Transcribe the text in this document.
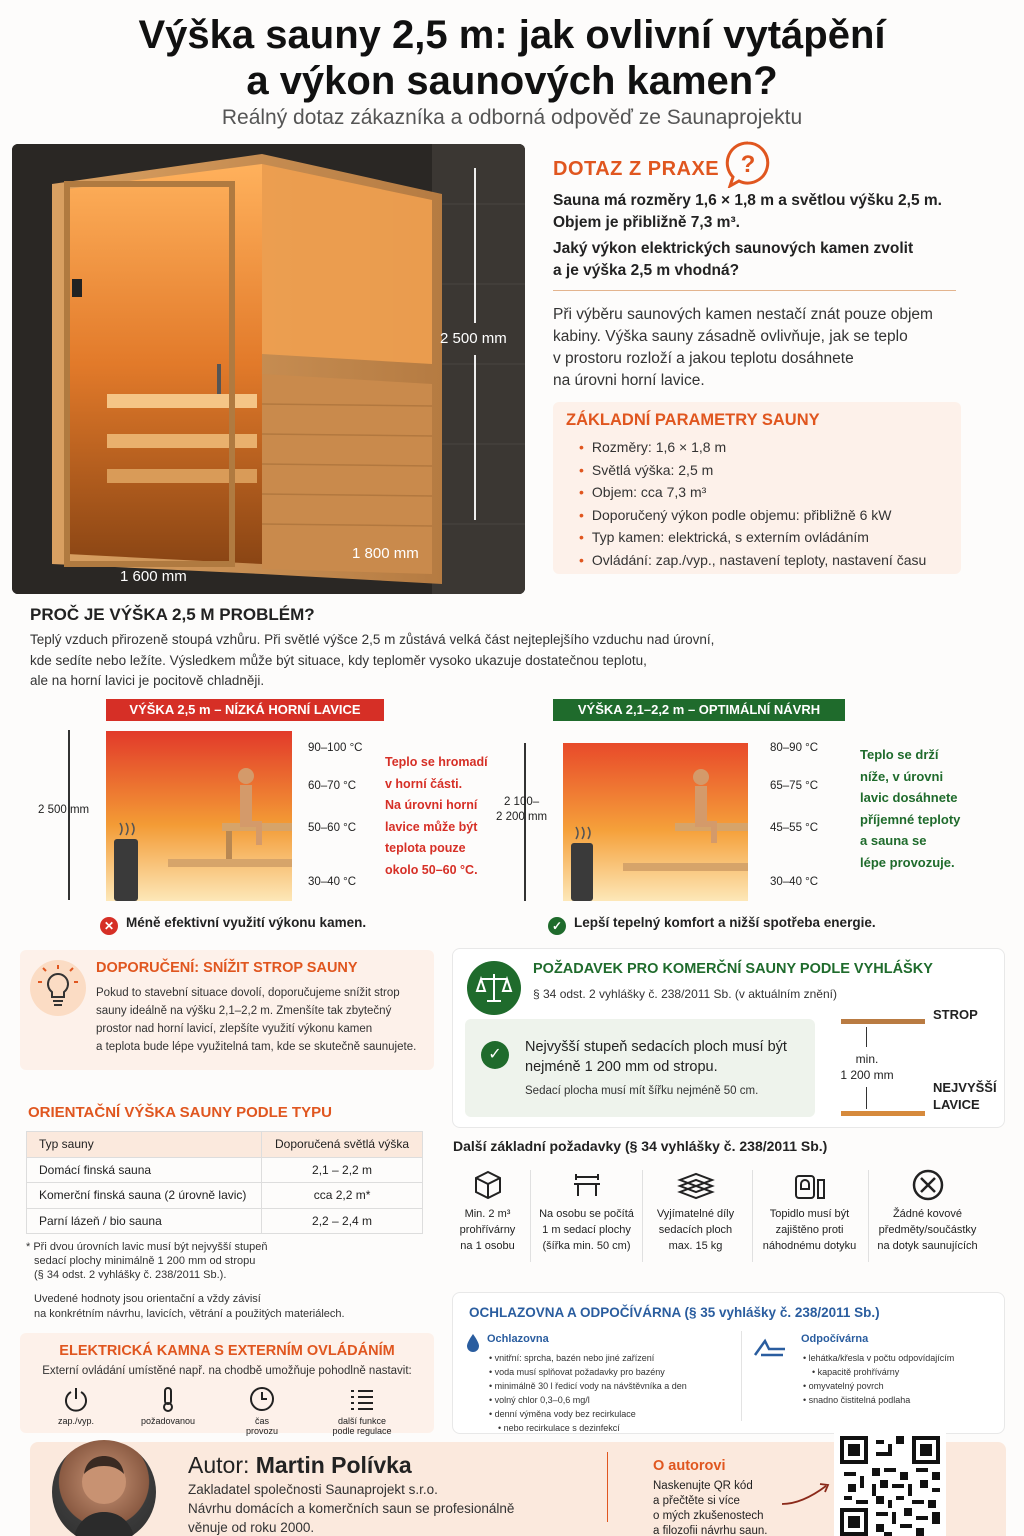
Výška sauny 2,5 m: jak ovlivní vytápění
a výkon saunových kamen?
Reálný dotaz zákazníka a odborná odpověď ze Saunaprojektu
2 500 mm
1 800 mm
1 600 mm
DOTAZ Z PRAXE ?
Sauna má rozměry 1,6 × 1,8 m a světlou výšku 2,5 m.
Objem je přibližně 7,3 m³.
Jaký výkon elektrických saunových kamen zvolit
a je výška 2,5 m vhodná?
Při výběru saunových kamen nestačí znát pouze objem
kabiny. Výška sauny zásadně ovlivňuje, jak se teplo
v prostoru rozloží a jakou teplotu dosáhnete
na úrovni horní lavice.
ZÁKLADNÍ PARAMETRY SAUNY
• Rozměry: 1,6 × 1,8 m
• Světlá výška: 2,5 m
• Objem: cca 7,3 m³
• Doporučený výkon podle objemu: přibližně 6 kW
• Typ kamen: elektrická, s externím ovládáním
• Ovládání: zap./vyp., nastavení teploty, nastavení času
PROČ JE VÝŠKA 2,5 M PROBLÉM?
Teplý vzduch přirozeně stoupá vzhůru. Při světlé výšce 2,5 m zůstává velká část nejteplejšího vzduchu nad úrovní,
kde sedíte nebo ležíte. Výsledkem může být situace, kdy teploměr vysoko ukazuje dostatečnou teplotu,
ale na horní lavici je pocitově chladněji.
VÝŠKA 2,5 m – NÍZKÁ HORNÍ LAVICE	VÝŠKA 2,1–2,2 m – OPTIMÁLNÍ NÁVRH
2 500 mm
90–100 °C
60–70 °C
50–60 °C
30–40 °C
Teplo se hromadí
v horní části.
Na úrovni horní
lavice může být
teplota pouze
okolo 50–60 °C.
✕ Méně efektivní využití výkonu kamen.
2 100–
2 200 mm
80–90 °C
65–75 °C
45–55 °C
30–40 °C
Teplo se drží
níže, v úrovni
lavic dosáhnete
příjemné teploty
a sauna se
lépe provozuje.
✓ Lepší tepelný komfort a nižší spotřeba energie.
DOPORUČENÍ: SNÍŽIT STROP SAUNY

Pokud to stavební situace dovolí, doporučujeme snížit strop
sauny ideálně na výšku 2,1–2,2 m. Zmenšíte tak zbytečný
prostor nad horní lavicí, zlepšíte využití výkonu kamen
a teplota bude lépe využitelná tam, kde se skutečně saunujete.

ORIENTAČNÍ VÝŠKA SAUNY PODLE TYPU
Typ sauny	Doporučená světlá výška
Domácí finská sauna	2,1 – 2,2 m
Komerční finská sauna (2 úrovně lavic)	cca 2,2 m*
Parní lázeň / bio sauna	2,2 – 2,4 m
* Při dvou úrovních lavic musí být nejvyšší stupeň
sedací plochy minimálně 1 200 mm od stropu
(§ 34 odst. 2 vyhlášky č. 238/2011 Sb.).
Uvedené hodnoty jsou orientační a vždy závisí
na konkrétním návrhu, lavicích, větrání a použitých materiálech.
ELEKTRICKÁ KAMNA S EXTERNÍM OVLÁDÁNÍM

Externí ovládání umístěné např. na chodbě umožňuje pohodlně nastavit:

zap./vyp.	požadovanou	čas
provozu
další funkce
podle regulace
POŽADAVEK PRO KOMERČNÍ SAUNY PODLE VYHLÁŠKY
§ 34 odst. 2 vyhlášky č. 238/2011 Sb. (v aktuálním znění)
✓	Nejvyšší stupeň sedacích ploch musí být
nejméně 1 200 mm od stropu.
Sedací plocha musí mít šířku nejméně 50 cm.
STROP
min.
1 200 mm
NEJVYŠŠÍ
LAVICE
Další základní požadavky (§ 34 vyhlášky č. 238/2011 Sb.)
Min. 2 m³
prohřívárny
na 1 osobu
Na osobu se počítá
1 m sedací plochy
(šířka min. 50 cm)
Vyjímatelné díly
sedacích ploch
max. 15 kg
Topidlo musí být
zajištěno proti
náhodnému dotyku
Žádné kovové
předměty/součástky
na dotyk saunujících
OCHLAZOVNA A ODPOČÍVÁRNA (§ 35 vyhlášky č. 238/2011 Sb.)
Ochlazovna
• vnitřní: sprcha, bazén nebo jiné zařízení
• voda musí splňovat požadavky pro bazény
• minimálně 30 l ředicí vody na návštěvníka a den
• volný chlor 0,3–0,6 mg/l
• denní výměna vody bez recirkulace
• nebo recirkulace s dezinfekcí
Odpočívárna
• lehátka/křesla v počtu odpovídajícím
• kapacitě prohřívárny
• omyvatelný povrch
• snadno čistitelná podlaha
Autor: Martin Polívka
Zakladatel společnosti Saunaprojekt s.r.o.
Návrhu domácích a komerčních saun se profesionálně
věnuje od roku 2000.
O autorovi
Naskenujte QR kód
a přečtěte si více
o mých zkušenostech
a filozofii návrhu saun.
